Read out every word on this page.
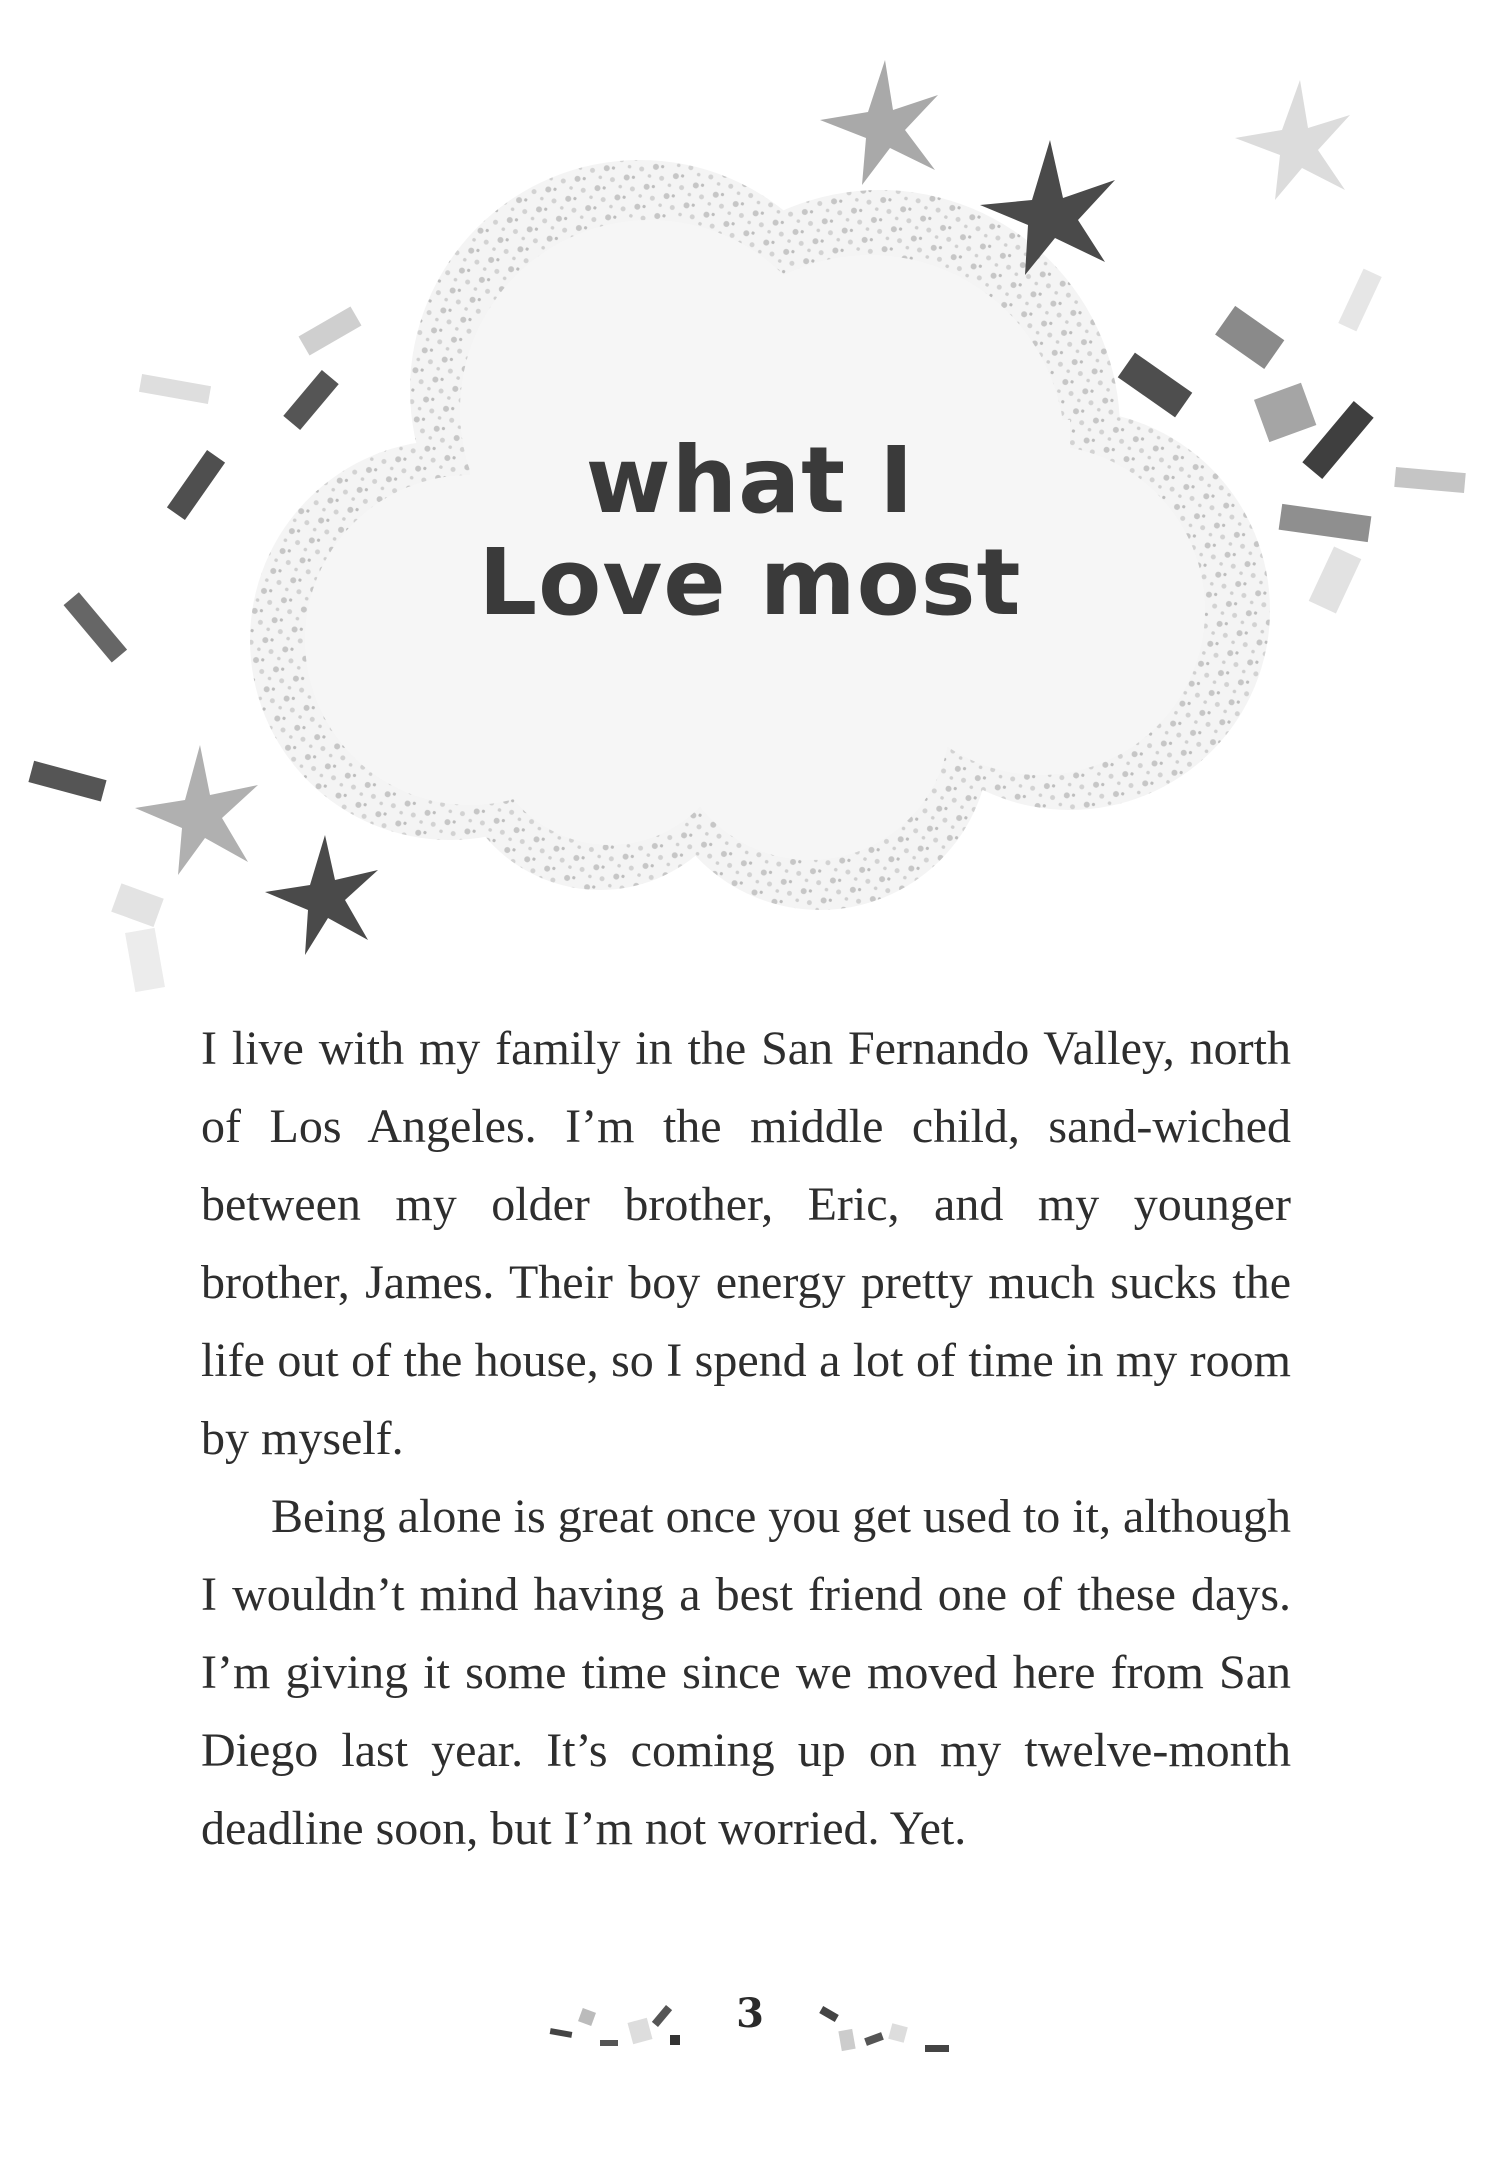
what I
Love most

I live with my family in the San Fernando Valley, north of Los Angeles. I’m the middle child, sand-wiched between my older brother, Eric, and my younger brother, James. Their boy energy pretty much sucks the life out of the house, so I spend a lot of time in my room by myself.

Being alone is great once you get used to it, although I wouldn’t mind having a best friend one of these days. I’m giving it some time since we moved here from San Diego last year. It’s coming up on my twelve-month deadline soon, but I’m not worried. Yet.

3
